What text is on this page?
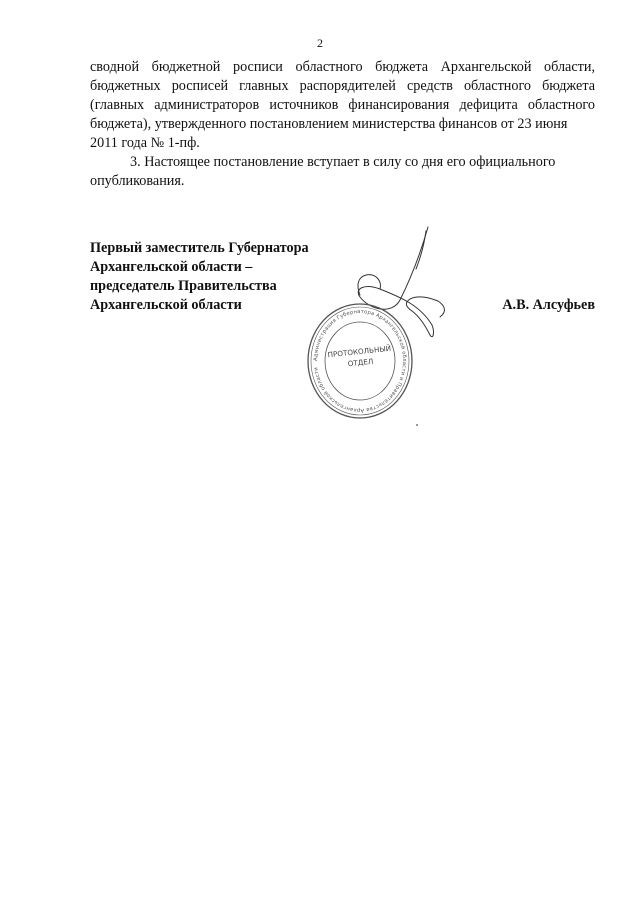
2

сводной бюджетной росписи областного бюджета Архангельской области, бюджетных росписей главных распорядителей средств областного бюджета (главных администраторов источников финансирования дефицита областного бюджета), утвержденного постановлением министерства финансов от 23 июня

2011 года № 1-пф.

3. Настоящее постановление вступает в силу со дня его официального

опубликования.

Первый заместитель Губернатора
Архангельской области –
председатель Правительства
Архангельской области	А.В. Алсуфьев
Администрация Губернатора Архангельской области и Правительства Архангельской области
ПРОТОКОЛЬНЫЙОТДЕЛ
